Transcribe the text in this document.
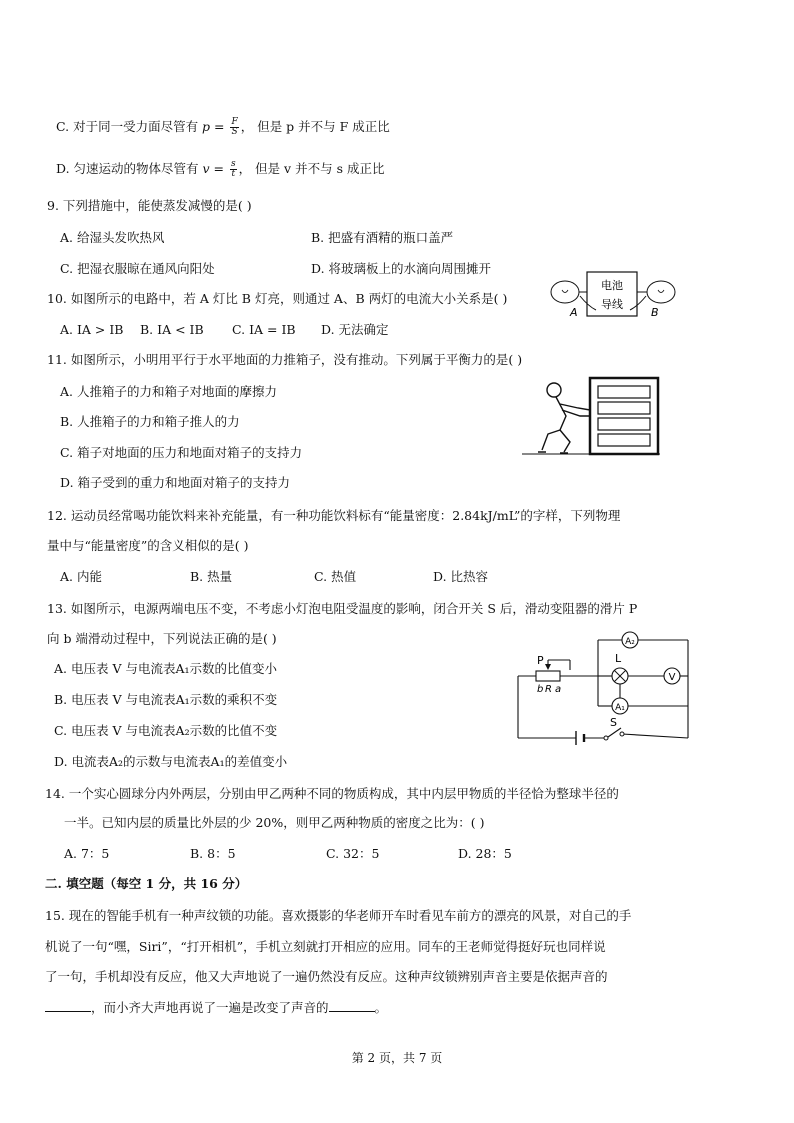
C. 对于同一受力面尽管有 $p = \frac{F}{S}$ ， 但是 p 并不与 F 成正比
D. 匀速运动的物体尽管有 $v = \frac{s}{t}$ ， 但是 v 并不与 s 成正比
9. 下列措施中，能使蒸发减慢的是( )
A. 给湿头发吹热风	B. 把盛有酒精的瓶口盖严
C. 把湿衣服晾在通风向阳处	D. 将玻璃板上的水滴向周围摊开
10. 如图所示的电路中，若 A 灯比 B 灯亮，则通过 A、B 两灯的电流大小关系是( )
A. IA > IB B. IA < IB C. IA = IB D. 无法确定
电池
导线
A	B
11. 如图所示，小明用平行于水平地面的力推箱子，没有推动。下列属于平衡力的是( )
A. 人推箱子的力和箱子对地面的摩擦力
B. 人推箱子的力和箱子推人的力
C. 箱子对地面的压力和地面对箱子的支持力
D. 箱子受到的重力和地面对箱子的支持力
12. 运动员经常喝功能饮料来补充能量，有一种功能饮料标有“能量密度：2.84kJ/mL”的字样，下列物理
量中与“能量密度”的含义相似的是( )
A. 内能	B. 热量	C. 热值	D. 比热容
13. 如图所示，电源两端电压不变，不考虑小灯泡电阻受温度的影响，闭合开关 S 后，滑动变阻器的滑片 P
向 b 端滑动过程中，下列说法正确的是( )
A. 电压表 V 与电流表A₁示数的比值变小
B. 电压表 V 与电流表A₁示数的乘积不变
C. 电压表 V 与电流表A₂示数的比值不变
D. 电流表A₂的示数与电流表A₁的差值变小
P
b R a
L
A₁
A₂
V
S
14. 一个实心圆球分内外两层，分别由甲乙两种不同的物质构成，其中内层甲物质的半径恰为整球半径的
一半。已知内层的质量比外层的少 20%，则甲乙两种物质的密度之比为：( )
A. 7：5	B. 8：5	C. 32：5	D. 28：5
二. 填空题（每空 1 分，共 16 分）
15. 现在的智能手机有一种声纹锁的功能。喜欢摄影的华老师开车时看见车前方的漂亮的风景，对自己的手
机说了一句“嘿，Siri”，“打开相机”，手机立刻就打开相应的应用。同车的王老师觉得挺好玩也同样说
了一句，手机却没有反应，他又大声地说了一遍仍然没有反应。这种声纹锁辨别声音主要是依据声音的
，而小齐大声地再说了一遍是改变了声音的	。
第 2 页，共 7 页
